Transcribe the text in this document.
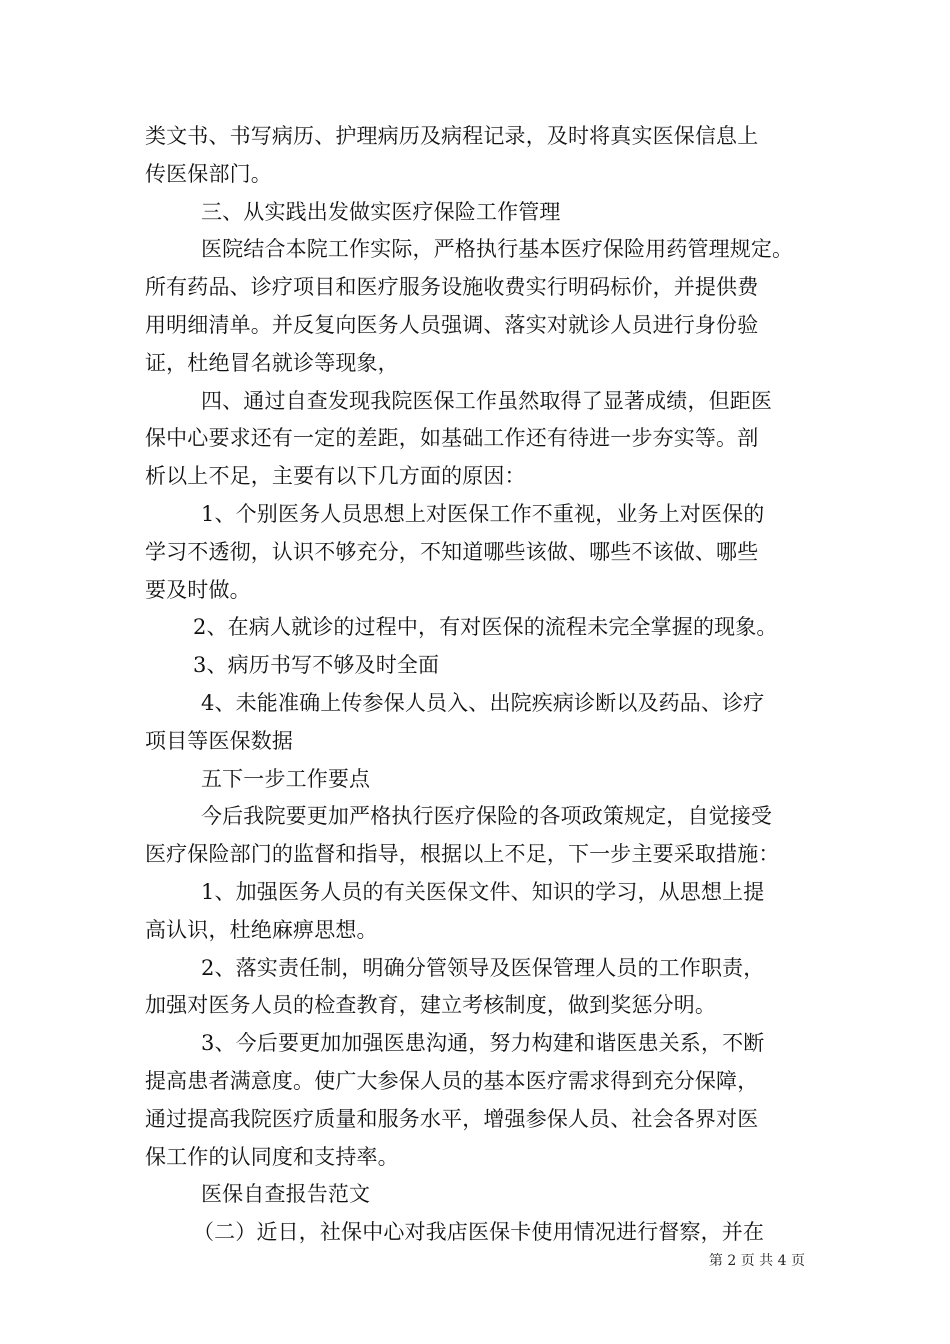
类文书、书写病历、护理病历及病程记录，及时将真实医保信息上
传医保部门。
三、从实践出发做实医疗保险工作管理
医院结合本院工作实际，严格执行基本医疗保险用药管理规定。
所有药品、诊疗项目和医疗服务设施收费实行明码标价，并提供费
用明细清单。并反复向医务人员强调、落实对就诊人员进行身份验
证，杜绝冒名就诊等现象，
四、通过自查发现我院医保工作虽然取得了显著成绩，但距医
保中心要求还有一定的差距，如基础工作还有待进一步夯实等。剖
析以上不足，主要有以下几方面的原因：
1、个别医务人员思想上对医保工作不重视，业务上对医保的
学习不透彻，认识不够充分，不知道哪些该做、哪些不该做、哪些
要及时做。
2、在病人就诊的过程中，有对医保的流程未完全掌握的现象。
3、病历书写不够及时全面
4、未能准确上传参保人员入、出院疾病诊断以及药品、诊疗
项目等医保数据
五下一步工作要点
今后我院要更加严格执行医疗保险的各项政策规定，自觉接受
医疗保险部门的监督和指导，根据以上不足，下一步主要采取措施：
1、加强医务人员的有关医保文件、知识的学习，从思想上提
高认识，杜绝麻痹思想。
2、落实责任制，明确分管领导及医保管理人员的工作职责，
加强对医务人员的检查教育，建立考核制度，做到奖惩分明。
3、今后要更加加强医患沟通，努力构建和谐医患关系，不断
提高患者满意度。使广大参保人员的基本医疗需求得到充分保障，
通过提高我院医疗质量和服务水平，增强参保人员、社会各界对医
保工作的认同度和支持率。
医保自查报告范文
（二）近日，社保中心对我店医保卡使用情况进行督察，并在
第 2 页 共 4 页
